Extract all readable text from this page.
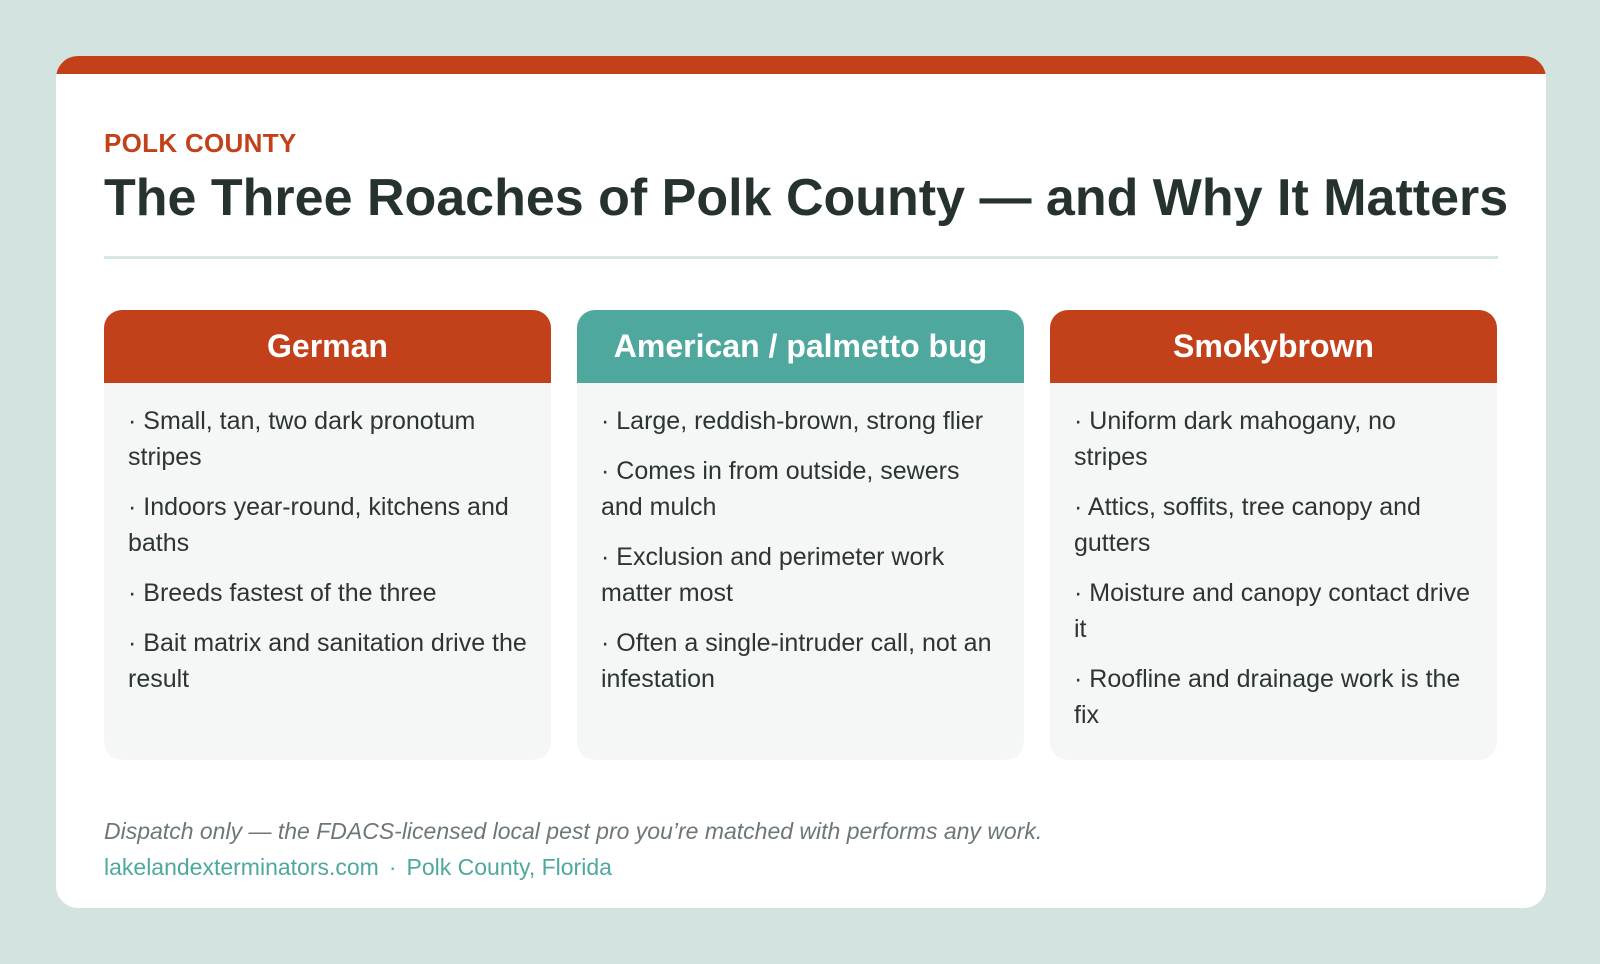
POLK COUNTY
The Three Roaches of Polk County — and Why It Matters
German
· Small, tan, two dark pronotum stripes
· Indoors year-round, kitchens and baths
· Breeds fastest of the three
· Bait matrix and sanitation drive the result
American / palmetto bug
· Large, reddish-brown, strong flier
· Comes in from outside, sewers and mulch
· Exclusion and perimeter work matter most
· Often a single-intruder call, not an infestation
Smokybrown
· Uniform dark mahogany, no stripes
· Attics, soffits, tree canopy and gutters
· Moisture and canopy contact drive it
· Roofline and drainage work is the fix
Dispatch only — the FDACS-licensed local pest pro you’re matched with performs any work.
lakelandexterminators.com · Polk County, Florida
